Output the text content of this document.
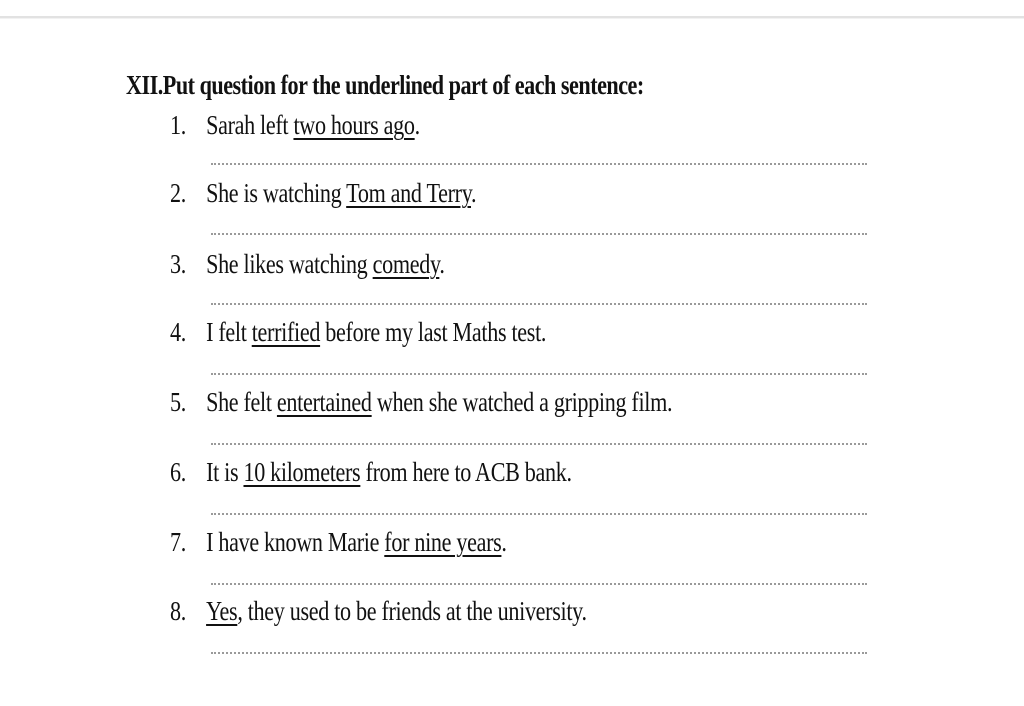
XII.Put question for the underlined part of each sentence:
1. Sarah left two hours ago.
2. She is watching Tom and Terry.
3. She likes watching comedy.
4. I felt terrified before my last Maths test.
5. She felt entertained when she watched a gripping film.
6. It is 10 kilometers from here to ACB bank.
7. I have known Marie for nine years.
8. Yes, they used to be friends at the university.
